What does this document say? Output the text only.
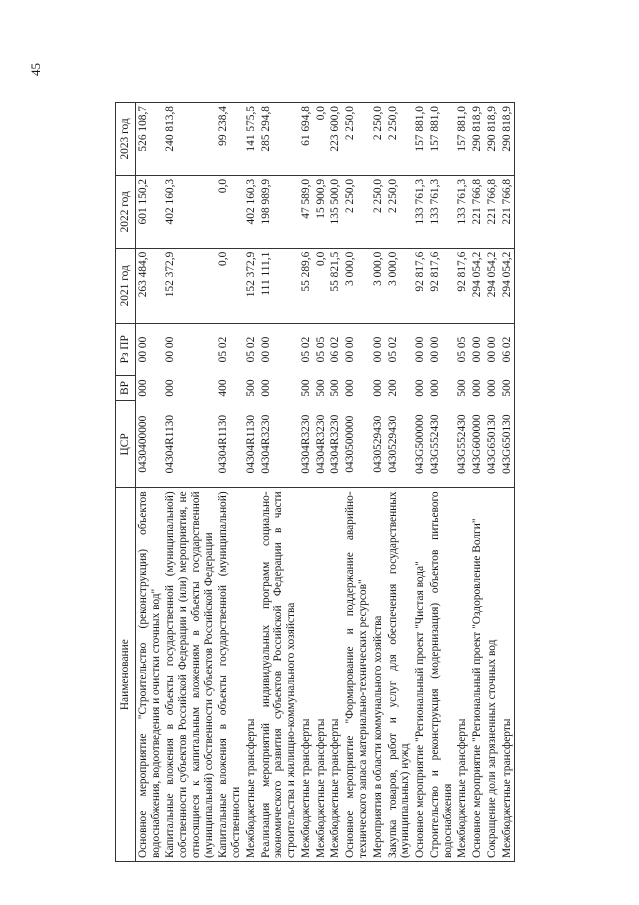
45
Наименование	ЦСР	ВР	Рз ПР	2021 год	2022 год	2023 год
Основное мероприятие "Строительство (реконструкция) объектов водоснабжения, водоотведения и очистки сточных вод"	0430400000	000	00 00	263 484,0	601 150,2	526 108,7
Капитальные вложения в объекты государственной (муниципальной) собственности субъектов Российской Федерации и (или) мероприятия, не относящиеся к капитальным вложениям в объекты государственной (муниципальной) собственности субъектов Российской Федерации	04304R1130	000	00 00	152 372,9	402 160,3	240 813,8
Капитальные вложения в объекты государственной (муниципальной) собственности	04304R1130	400	05 02	0,0	0,0	99 238,4
Межбюджетные трансферты	04304R1130	500	05 02	152 372,9	402 160,3	141 575,5
Реализация мероприятий индивидуальных программ социально-экономического развития субъектов Российской Федерации в части строительства и жилищно-коммунального хозяйства	04304R3230	000	00 00	111 111,1	198 989,9	285 294,8
Межбюджетные трансферты	04304R3230	500	05 02	55 289,6	47 589,0	61 694,8
Межбюджетные трансферты	04304R3230	500	05 05	0,0	15 900,9	0,0
Межбюджетные трансферты	04304R3230	500	06 02	55 821,5	135 500,0	223 600,0
Основное мероприятие "Формирование и поддержание аварийно-технического запаса материально-технических ресурсов"	0430500000	000	00 00	3 000,0	2 250,0	2 250,0
Мероприятия в области коммунального хозяйства	0430529430	000	00 00	3 000,0	2 250,0	2 250,0
Закупка товаров, работ и услуг для обеспечения государственных (муниципальных) нужд	0430529430	200	05 02	3 000,0	2 250,0	2 250,0
Основное мероприятие "Региональный проект "Чистая вода"	043G500000	000	00 00	92 817,6	133 761,3	157 881,0
Строительство и реконструкция (модернизация) объектов питьевого водоснабжения	043G552430	000	00 00	92 817,6	133 761,3	157 881,0
Межбюджетные трансферты	043G552430	500	05 05	92 817,6	133 761,3	157 881,0
Основное мероприятие "Региональный проект "Оздоровление Волги"	043G600000	000	00 00	294 054,2	221 766,8	290 818,9
Сокращение доли загрязненных сточных вод	043G650130	000	00 00	294 054,2	221 766,8	290 818,9
Межбюджетные трансферты	043G650130	500	06 02	294 054,2	221 766,8	290 818,9
